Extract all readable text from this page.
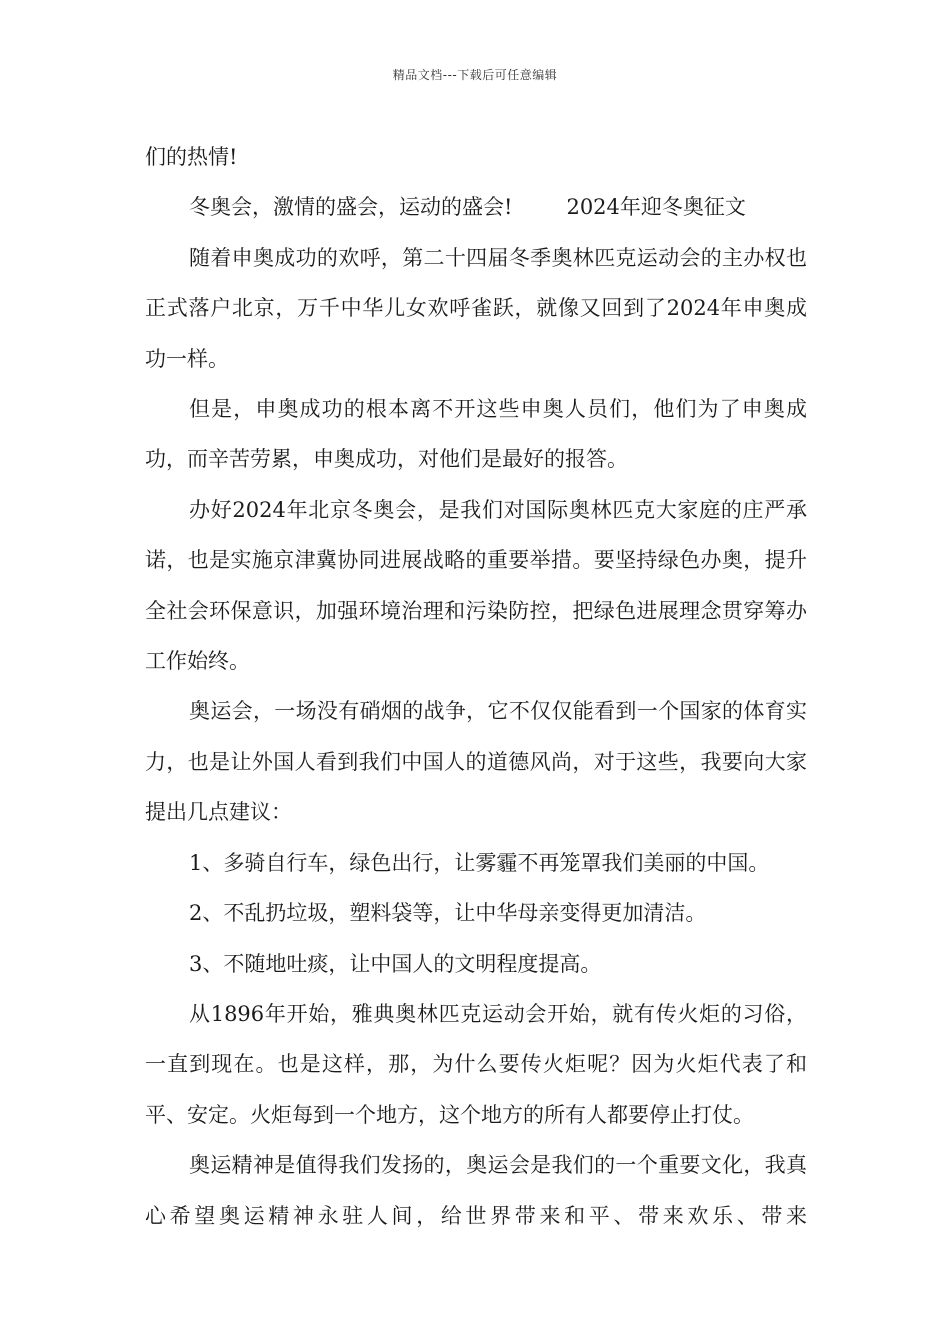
精品文档---下载后可任意编辑

们的热情!

冬奥会，激情的盛会，运动的盛会!	2024年迎冬奥征文

随着申奥成功的欢呼，第二十四届冬季奥林匹克运动会的主办权也正式落户北京，万千中华儿女欢呼雀跃，就像又回到了2024年申奥成功一样。

但是，申奥成功的根本离不开这些申奥人员们，他们为了申奥成功，而辛苦劳累，申奥成功，对他们是最好的报答。

办好2024年北京冬奥会，是我们对国际奥林匹克大家庭的庄严承诺，也是实施京津冀协同进展战略的重要举措。要坚持绿色办奥，提升全社会环保意识，加强环境治理和污染防控，把绿色进展理念贯穿筹办工作始终。

奥运会，一场没有硝烟的战争，它不仅仅能看到一个国家的体育实力，也是让外国人看到我们中国人的道德风尚，对于这些，我要向大家提出几点建议：

1、多骑自行车，绿色出行，让雾霾不再笼罩我们美丽的中国。

2、不乱扔垃圾，塑料袋等，让中华母亲变得更加清洁。

3、不随地吐痰，让中国人的文明程度提高。

从1896年开始，雅典奥林匹克运动会开始，就有传火炬的习俗，一直到现在。也是这样，那，为什么要传火炬呢？因为火炬代表了和平、安定。火炬每到一个地方，这个地方的所有人都要停止打仗。

奥运精神是值得我们发扬的，奥运会是我们的一个重要文化，我真心希望奥运精神永驻人间，给世界带来和平、带来欢乐、带来
